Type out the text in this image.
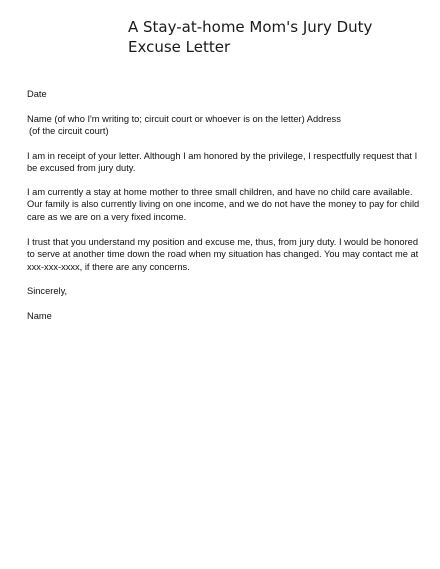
A Stay-at-home Mom's Jury Duty Excuse Letter
Date
Name (of who I'm writing to; circuit court or whoever is on the letter) Address
(of the circuit court)
I am in receipt of your letter. Although I am honored by the privilege, I respectfully request that I be excused from jury duty.
I am currently a stay at home mother to three small children, and have no child care available. Our family is also currently living on one income, and we do not have the money to pay for child care as we are on a very fixed income.
I trust that you understand my position and excuse me, thus, from jury duty. I would be honored to serve at another time down the road when my situation has changed. You may contact me at xxx-xxx-xxxx, if there are any concerns.
Sincerely,
Name
